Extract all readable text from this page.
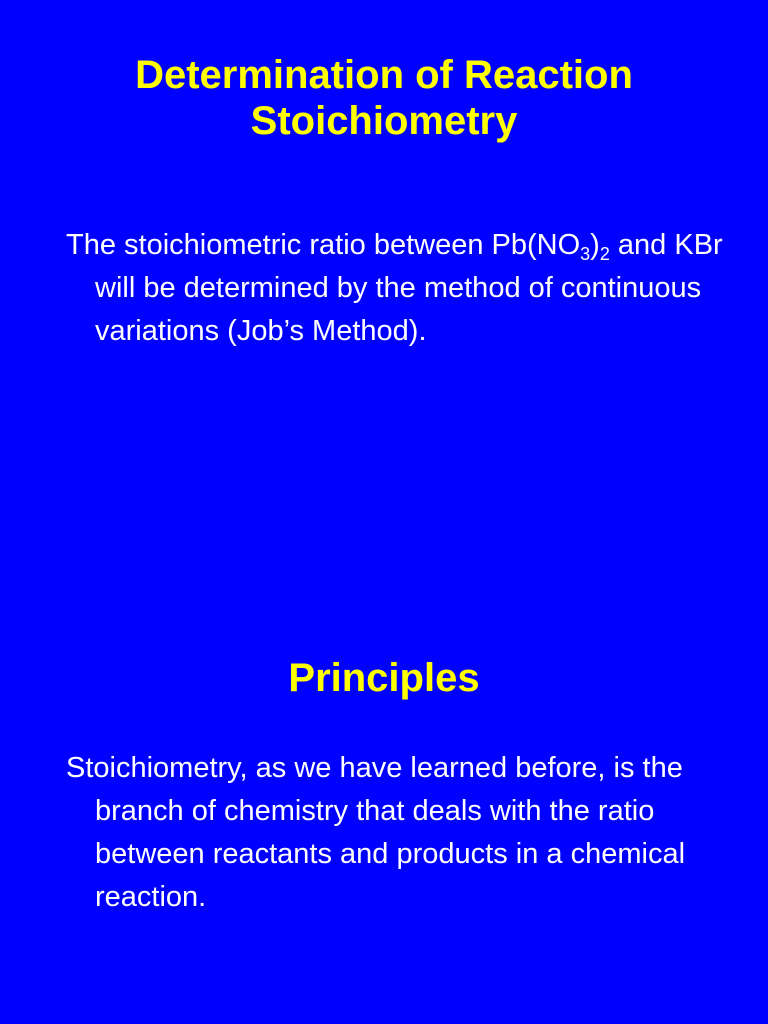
Determination of Reaction
Stoichiometry

The stoichiometric ratio between $Pb(NO_3)_2$ and KBr will be determined by the method of continuous variations (Job’s Method).

Principles

Stoichiometry, as we have learned before, is the branch of chemistry that deals with the ratio between reactants and products in a chemical reaction.
